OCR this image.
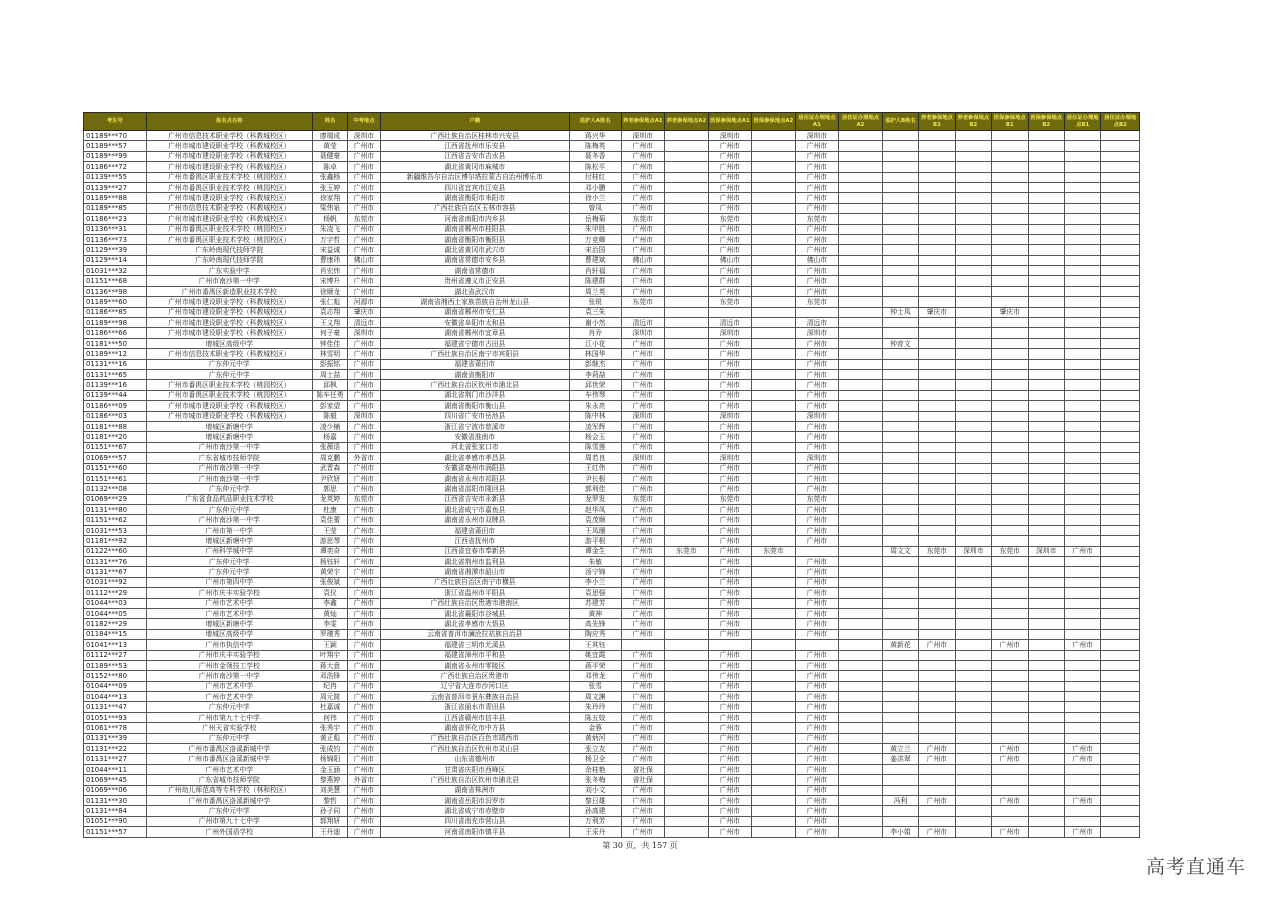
考生号	报名点名称	姓名	中考地点	户籍	监护人A姓名	养老参保地点A1	养老参保地点A2	医保参保地点A1	医保参保地点A2	居住证办理地点A1	居住证办理地点A2	监护人B姓名	养老参保地点B1	养老参保地点B2	医保参保地点B1	医保参保地点B2	居住证办理地点B1	居住证办理地点B2
01189***70	广州市信息技术职业学校（科教城校区）	廖瑞成	深圳市	广西壮族自治区桂林市兴安县	蒋兴华	深圳市		深圳市		深圳市								
01189***57	广州市城市建设职业学校（科教城校区）	黄莹	广州市	江西省抚州市乐安县	陈梅英	广州市		广州市		广州市								
01189***99	广州市城市建设职业学校（科教城校区）	聂健豪	广州市	江西省吉安市吉水县	聂冬香	广州市		广州市		广州市								
01186***72	广州市城市建设职业学校（科教城校区）	陈卓	广州市	湖北省黄冈市麻城市	陈松平	广州市		广州市		广州市								
01139***55	广州市番禺区职业技术学校（桃园校区）	张鑫杨	广州市	新疆维吾尔自治区博尔塔拉蒙古自治州博乐市	付桂红	广州市		广州市		广州市								
01139***27	广州市番禺区职业技术学校（桃园校区）	张玉婷	广州市	四川省宜宾市江安县	邓小鹏	广州市		广州市		广州市								
01189***88	广州市城市建设职业学校（科教城校区）	徐家翔	广州市	湖南省衡阳市耒阳市	徐小兰	广州市		广州市		广州市								
01189***85	广州市信息技术职业学校（科教城校区）	梁伟泉	广州市	广西壮族自治区玉林市容县	曾凤	广州市		广州市		广州市								
01186***23	广州市城市建设职业学校（科教城校区）	杨帆	东莞市	河南省南阳市内乡县	岳梅菊	东莞市		东莞市		东莞市								
01136***31	广州市番禺区职业技术学校（桃园校区）	朱凌飞	广州市	湖南省郴州市桂阳县	朱甲胜	广州市		广州市		广州市								
01136***73	广州市番禺区职业技术学校（桃园校区）	万宇哲	广州市	湖南省衡阳市衡阳县	万竞卿	广州市		广州市		广州市								
01129***39	广东岭南现代技师学院	宋益诚	广州市	湖北省黄冈市武穴市	宋治国	广州市		广州市		广州市								
01129***14	广东岭南现代技师学院	曹康玮	佛山市	湖南省常德市安乡县	曹建斌	佛山市		佛山市		佛山市								
01031***32	广东实验中学	肖宏炜	广州市	湖南省常德市	肖轩福	广州市		广州市		广州市								
01151***68	广州市南沙第一中学	宋博升	广州市	贵州省遵义市正安县	陈建群	广州市		广州市		广州市								
01136***98	广州市番禺区新造职业技术学校	徐顺龙	广州市	湖北省武汉市	周兰英	广州市		广州市		广州市								
01189***60	广州市城市建设职业学校（科教城校区）	张仁彪	河源市	湖南省湘西土家族苗族自治州龙山县	张锐	东莞市		东莞市		东莞市								
01186***85	广州市城市建设职业学校（科教城校区）	袁志翔	肇庆市	湖南省郴州市安仁县	袁三朱							钟士凤	肇庆市		肇庆市			
01189***98	广州市城市建设职业学校（科教城校区）	王义翔	清远市	安徽省阜阳市太和县	谢小然	清远市		清远市		清远市								
01186***66	广州市城市建设职业学校（科教城校区）	何子豪	深圳市	湖南省郴州市宜章县	肖乔	深圳市		深圳市		深圳市								
01181***50	增城区高级中学	钟佳佳	广州市	福建省宁德市古田县	江小花	广州市		广州市		广州市		钟育文						
01189***12	广州市信息技术职业学校（科教城校区）	林雪明	广州市	广西壮族自治区南宁市宾阳县	林国华	广州市		广州市		广州市								
01131***16	广东仲元中学	彭振铭	广州市	福建省莆田市	彭继杰	广州市		广州市		广州市								
01131***65	广东仲元中学	周士喆	广州市	湖南省衡阳市	李莉喆	广州市		广州市		广州市								
01139***16	广州市番禺区职业技术学校（桃园校区）	邱枫	广州市	广西壮族自治区钦州市浦北县	邱世荣	广州市		广州市		广州市								
01139***44	广州市番禺区职业技术学校（桃园校区）	陈车任勇	广州市	湖北省荆门市沙洋县	车伟琴	广州市		广州市		广州市								
01186***09	广州市城市建设职业学校（科教城校区）	彭家望	广州市	湖南省衡阳市衡山县	朱永亮	广州市		广州市		广州市								
01186***03	广州市城市建设职业学校（科教城校区）	陈毅	深圳市	四川省广安市岳池县	陈中林	深圳市		深圳市		深圳市								
01181***88	增城区新塘中学	凌少楠	广州市	浙江省宁波市慈溪市	凌军辉	广州市		广州市		广州市								
01181***20	增城区新塘中学	杨嘉	广州市	安徽省淮南市	杨会玉	广州市		广州市		广州市								
01151***67	广州市南沙第一中学	张薇语	广州市	河北省张家口市	陈雪莲	广州市		广州市		广州市								
01069***57	广东省城市技师学院	周克鹏	外省市	湖北省孝感市孝昌县	周若良	深圳市		深圳市		深圳市								
01151***60	广州市南沙第一中学	武晋森	广州市	安徽省亳州市涡阳县	王红伟	广州市		广州市		广州市								
01151***61	广州市南沙第一中学	尹欣妍	广州市	湖南省永州市祁阳县	尹长根	广州市		广州市		广州市								
01132***08	广东仲元中学	郭思	广州市	湖南省邵阳市隆回县	郭利佳	广州市		广州市		广州市								
01069***29	广东省食品药品职业技术学校	龙英婷	东莞市	江西省吉安市永新县	龙罗发	东莞市		东莞市		东莞市								
01131***80	广东仲元中学	杜康	广州市	湖北省咸宁市嘉鱼县	赵华凤	广州市		广州市		广州市								
01151***62	广州市南沙第一中学	袁佳蕾	广州市	湖南省永州市双牌县	袁茂顺	广州市		广州市		广州市								
01031***53	广州市第一中学	王莹	广州市	福建省莆田市	王凤珊	广州市		广州市		广州市								
01181***92	增城区新塘中学	游思琴	广州市	江西省抚州市	游平根	广州市		广州市		广州市								
01122***60	广州科学城中学	谭奕奇	广州市	江西省宜春市奉新县	谭金生	广州市	东莞市	广州市	东莞市			周文文	东莞市	深圳市	东莞市	深圳市	广州市	
01131***76	广东仲元中学	杨钰轩	广州市	湖北省荆州市监利县	朱敏	广州市		广州市		广州市								
01131***67	广东仲元中学	黄荣宇	广州市	湖南省湘潭市韶山市	汤宁锦	广州市		广州市		广州市								
01031***92	广州市第四中学	张俊斌	广州市	广西壮族自治区南宁市横县	李小兰	广州市		广州市		广州市								
01112***29	广州市庆丰实验学校	袁仪	广州市	浙江省温州市平阳县	袁思强	广州市		广州市		广州市								
01044***03	广州市艺术中学	李鑫	广州市	广西壮族自治区贵港市港南区	苏建芳	广州市		广州市		广州市								
01044***05	广州市艺术中学	黄灿	广州市	湖北省襄阳市谷城县	黄神	广州市		广州市		广州市								
01182***29	增城区新塘中学	李雯	广州市	湖北省孝感市大悟县	高先锋	广州市		广州市		广州市								
01184***15	增城区高级中学	罗瑾秀	广州市	云南省普洱市澜沧拉祜族自治县	陶应秀	广州市		广州市		广州市								
01041***13	广州市执信中学	王颖	广州市	福建省三明市尤溪县	王其钰							黄新花	广州市		广州市		广州市	
01112***27	广州市庆丰实验学校	叶翔宇	广州市	福建省漳州市平和县	姚宜霞	广州市		广州市		广州市								
01189***53	广州市金领技工学校	蒋大意	广州市	湖南省永州市零陵区	蒋平荣	广州市		广州市		广州市								
01152***80	广州市南沙第一中学	邓浩锋	广州市	广西壮族自治区贵港市	邓伟龙	广州市		广州市		广州市								
01044***09	广州市艺术中学	纪冉	广州市	辽宁省大连市沙河口区	张雪	广州市		广州市		广州市								
01044***13	广州市艺术中学	周元简	广州市	云南省普洱市景东彝族自治县	周文渊	广州市		广州市		广州市								
01131***47	广东仲元中学	杜嘉诚	广州市	浙江省丽水市青田县	朱玲玲	广州市		广州市		广州市								
01051***93	广州市第九十七中学	何伟	广州市	江西省赣州市信丰县	陈五姣	广州市		广州市		广州市								
01061***78	广州天省实验学校	张秀宇	广州市	湖南省怀化市中方县	金蓉	广州市		广州市		广州市								
01131***39	广东仲元中学	黄正彪	广州市	广西壮族自治区百色市靖西市	黄炳河	广州市		广州市		广州市								
01131***22	广州市番禺区洛溪新城中学	张成钧	广州市	广西壮族自治区钦州市灵山县	张立友	广州市		广州市		广州市		黄立兰	广州市		广州市		广州市	
01131***27	广州市番禺区洛溪新城中学	杨锦阳	广州市	山东省德州市	杨卫全	广州市		广州市		广州市		姜洪翠	广州市		广州市		广州市	
01044***11	广州市艺术中学	金玉涵	广州市	甘肃省庆阳市西峰区	余桂艳	省社保		广州市		广州市								
01069***45	广东省城市技师学院	黎燕婷	外省市	广西壮族自治区钦州市浦北县	张冬梅	省社保		广州市		广州市								
01069***06	广州幼儿师范高等专科学校（林和校区）	刘美慧	广州市	湖南省株洲市	刘小文	广州市		广州市		广州市								
01131***30	广州市番禺区洛溪新城中学	黎哲	广州市	湖南省岳阳市汨罗市	黎日雄	广州市		广州市		广州市		冯利	广州市		广州市		广州市	
01131***84	广东仲元中学	孙子同	广州市	湖北省咸宁市赤壁市	孙高建	广州市		广州市		广州市								
01051***90	广州市第九十七中学	郭翔妍	广州市	四川省南充市营山县	万利芳	广州市		广州市		广州市								
01151***57	广州外国语学校	王丹迪	广州市	河南省南阳市镇平县	王采丹	广州市		广州市		广州市		李小娟	广州市		广州市		广州市	
第 30 页，共 157 页
高考直通车
